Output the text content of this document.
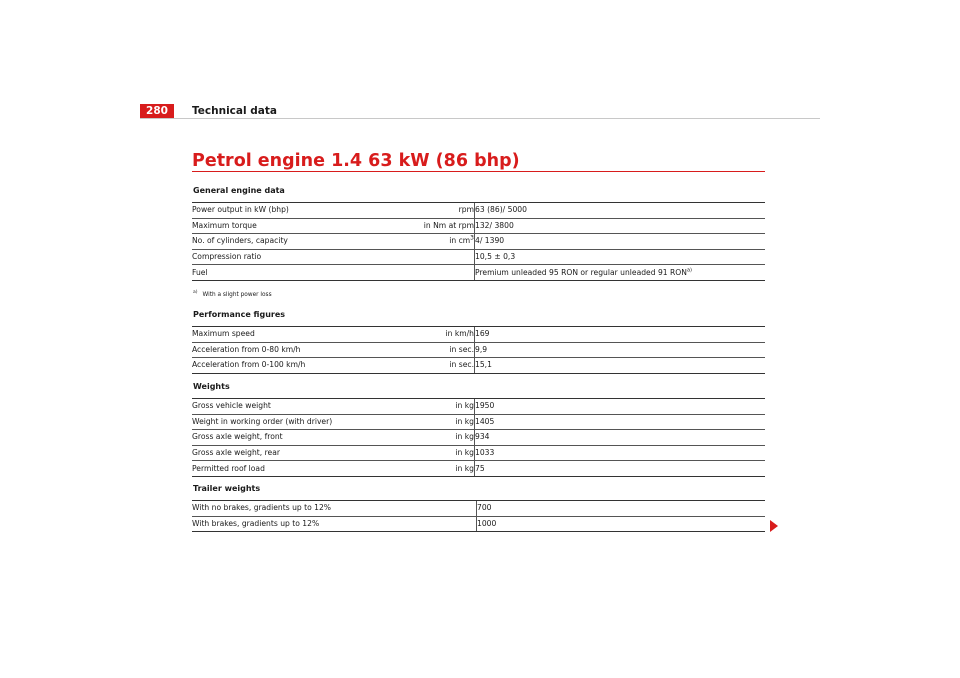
280	Technical data
Petrol engine 1.4 63 kW (86 bhp)
General engine data
Power output in kW (bhp)	rpm	63 (86)/ 5000
Maximum torque	in Nm at rpm	132/ 3800
No. of cylinders, capacity	in cm$^3$	4/ 1390
Compression ratio		10,5 ± 0,3
Fuel		Premium unleaded 95 RON or regular unleaded 91 RON$^{a)}$
$^{a)}$ With a slight power loss
Performance figures
Maximum speed	in km/h	169
Acceleration from 0-80 km/h	in sec.	9,9
Acceleration from 0-100 km/h	in sec.	15,1
Weights
Gross vehicle weight	in kg	1950
Weight in working order (with driver)	in kg	1405
Gross axle weight, front	in kg	934
Gross axle weight, rear	in kg	1033
Permitted roof load	in kg	75
Trailer weights
With no brakes, gradients up to 12%	700
With brakes, gradients up to 12%	1000
